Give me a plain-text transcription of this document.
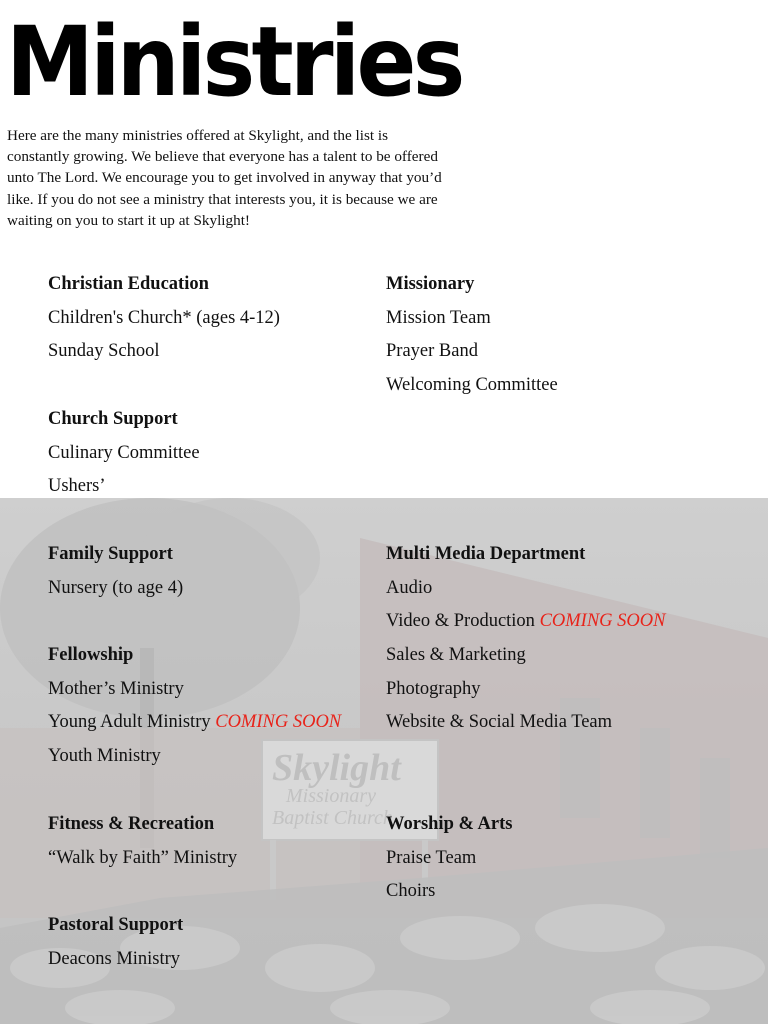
Skylight
Missionary
Baptist Church
Ministries

Here are the many ministries offered at Skylight, and the list is constantly growing. We believe that everyone has a talent to be offered unto The Lord. We encourage you to get involved in anyway that you’d like. If you do not see a ministry that interests you, it is because we are waiting on you to start it up at Skylight!

Christian Education
Children's Church* (ages 4-12)
Sunday School
Church Support
Culinary Committee
Ushers’
Family Support
Nursery (to age 4)
Fellowship
Mother’s Ministry
Young Adult Ministry COMING SOON
Youth Ministry
Fitness & Recreation
“Walk by Faith” Ministry
Pastoral Support
Deacons Ministry
Missionary
Mission Team
Prayer Band
Welcoming Committee
Multi Media Department
Audio
Video & Production COMING SOON
Sales & Marketing
Photography
Website & Social Media Team
Worship & Arts
Praise Team
Choirs
